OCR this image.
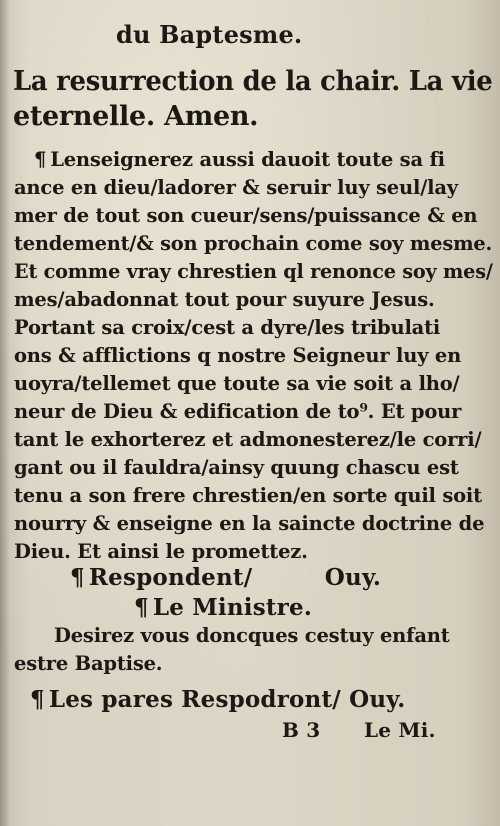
du Baptesme.
La resurrection de la chair. La vie
eternelle. Amen.
¶ Lenseignerez aussi dauoit toute sa fi
ance en dieu/ladorer & seruir luy seul/lay
mer de tout son cueur/sens/puissance & en
tendement/& son prochain come soy mesme.
Et comme vray chrestien ql renonce soy mes/
mes/abadonnat tout pour suyure Jesus.
Portant sa croix/cest a dyre/les tribulati
ons & afflictions q nostre Seigneur luy en
uoyra/tellemet que toute sa vie soit a lho/
neur de Dieu & edification de to⁹. Et pour
tant le exhorterez et admonesterez/le corri/
gant ou il fauldra/ainsy quung chascu est
tenu a son frere chrestien/en sorte quil soit
nourry & enseigne en la saincte doctrine de
Dieu. Et ainsi le promettez.
¶ Respondent/	Ouy.
¶ Le Ministre.
Desirez vous doncques cestuy enfant
estre Baptise.
¶ Les pares Respodront/ Ouy.
B 3 Le Mi.
